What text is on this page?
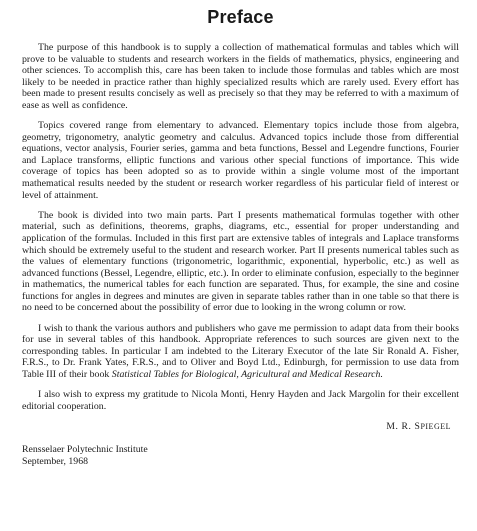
Preface

The purpose of this handbook is to supply a collection of mathematical formulas and tables which will prove to be valuable to students and research workers in the fields of mathematics, physics, engineering and other sciences. To accomplish this, care has been taken to include those formulas and tables which are most likely to be needed in practice rather than highly specialized results which are rarely used. Every effort has been made to present results concisely as well as precisely so that they may be referred to with a maximum of ease as well as confidence.

Topics covered range from elementary to advanced. Elementary topics include those from algebra, geometry, trigonometry, analytic geometry and calculus. Advanced topics include those from differential equations, vector analysis, Fourier series, gamma and beta functions, Bessel and Legendre functions, Fourier and Laplace transforms, elliptic functions and various other special functions of importance. This wide coverage of topics has been adopted so as to provide within a single volume most of the important mathematical results needed by the student or research worker regardless of his particular field of interest or level of attainment.

The book is divided into two main parts. Part I presents mathematical formulas together with other material, such as definitions, theorems, graphs, diagrams, etc., essential for proper understanding and application of the formulas. Included in this first part are extensive tables of integrals and Laplace transforms which should be extremely useful to the student and research worker. Part II presents numerical tables such as the values of elementary functions (trigonometric, logarithmic, exponential, hyperbolic, etc.) as well as advanced functions (Bessel, Legendre, elliptic, etc.). In order to eliminate confusion, especially to the beginner in mathematics, the numerical tables for each function are separated. Thus, for example, the sine and cosine functions for angles in degrees and minutes are given in separate tables rather than in one table so that there is no need to be concerned about the possibility of error due to looking in the wrong column or row.

I wish to thank the various authors and publishers who gave me permission to adapt data from their books for use in several tables of this handbook. Appropriate references to such sources are given next to the corresponding tables. In particular I am indebted to the Literary Executor of the late Sir Ronald A. Fisher, F.R.S., to Dr. Frank Yates, F.R.S., and to Oliver and Boyd Ltd., Edinburgh, for permission to use data from Table III of their book Statistical Tables for Biological, Agricultural and Medical Research.

I also wish to express my gratitude to Nicola Monti, Henry Hayden and Jack Margolin for their excellent editorial cooperation.

M. R. SPIEGEL

Rensselaer Polytechnic Institute

September, 1968
